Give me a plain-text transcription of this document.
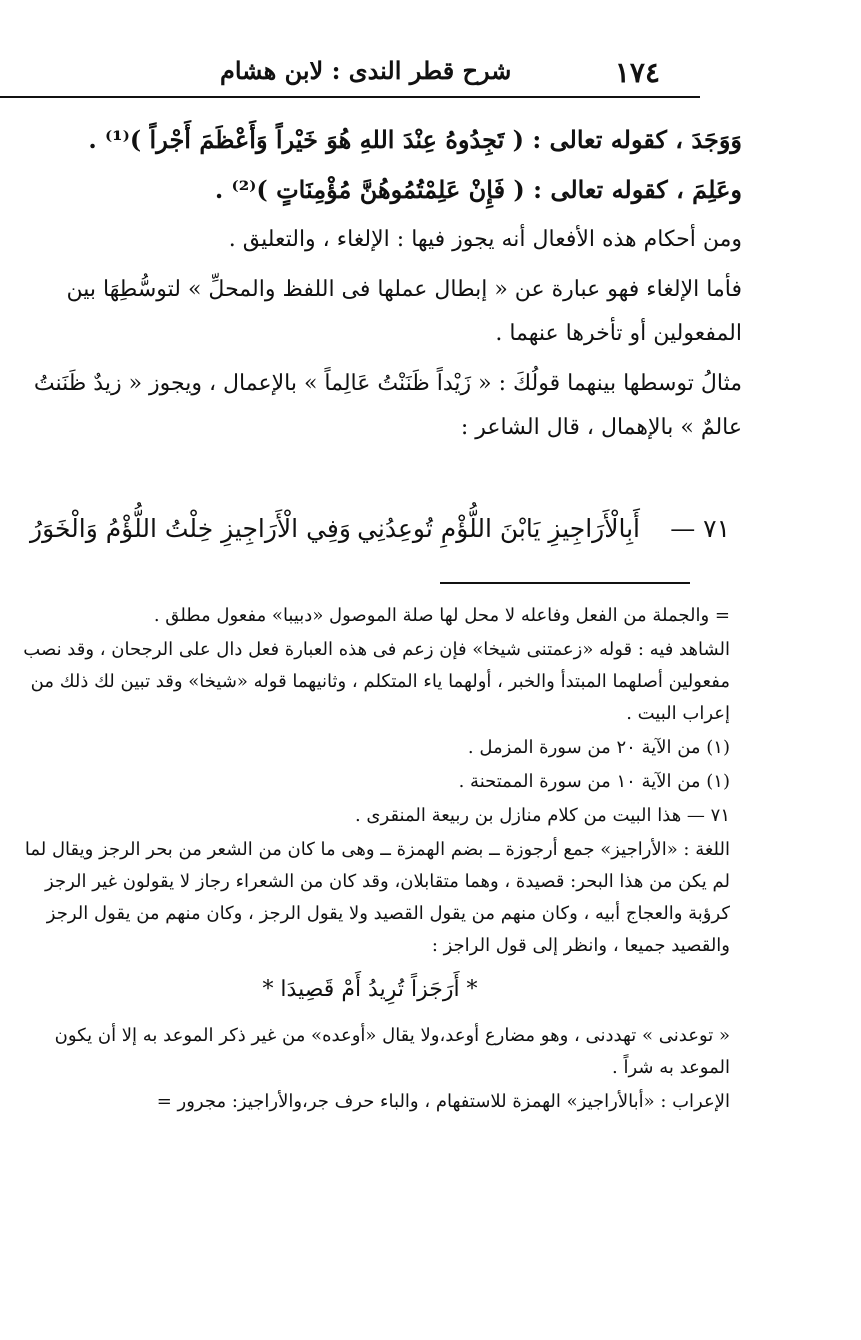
١٧٤
شرح قطر الندى : لابن هشام

وَوَجَدَ ، كقوله تعالى : ( تَجِدُوهُ عِنْدَ اللهِ هُوَ خَيْراً وَأَعْظَمَ أَجْراً )⁽¹⁾ .

وعَلِمَ ، كقوله تعالى : ( فَإِنْ عَلِمْتُمُوهُنَّ مُؤْمِنَاتٍ )⁽²⁾ .

ومن أحكام هذه الأفعال أنه يجوز فيها : الإلغاء ، والتعليق .

فأما الإلغاء فهو عبارة عن « إبطال عملها فى اللفظ والمحلِّ » لتوسُّطِهَا بين المفعولين أو تأخرها عنهما .

مثالُ توسطها بينهما قولُكَ : « زَيْداً ظَنَنْتُ عَالِماً » بالإعمال ، ويجوز « زيدٌ ظَنَنتُ عالمٌ » بالإهمال ، قال الشاعر :

٧١ —
أَبِالْأَرَاجِيزِ يَابْنَ اللُّؤْمِ تُوعِدُنِي
وَفِي الْأَرَاجِيزِ خِلْتُ اللُّؤْمُ وَالْخَوَرُ

= والجملة من الفعل وفاعله لا محل لها صلة الموصول «دبيبا» مفعول مطلق .

الشاهد فيه : قوله «زعمتنى شيخا» فإن زعم فى هذه العبارة فعل دال على الرجحان ، وقد نصب مفعولين أصلهما المبتدأ والخبر ، أولهما ياء المتكلم ، وثانيهما قوله «شيخا» وقد تبين لك ذلك من إعراب البيت .

(١) من الآية ٢٠ من سورة المزمل .

(١) من الآية ١٠ من سورة الممتحنة .

٧١ — هذا البيت من كلام منازل بن ربيعة المنقرى .

اللغة : «الأراجيز» جمع أرجوزة ــ بضم الهمزة ــ وهى ما كان من الشعر من بحر الرجز ويقال لما لم يكن من هذا البحر: قصيدة ، وهما متقابلان، وقد كان من الشعراء رجاز لا يقولون غير الرجز كرؤبة والعجاج أبيه ، وكان منهم من يقول القصيد ولا يقول الرجز ، وكان منهم من يقول الرجز والقصيد جميعا ، وانظر إلى قول الراجز :

* أَرَجَزاً تُرِيدُ أَمْ قَصِيدَا *

« توعدنى » تهددنى ، وهو مضارع أوعد،ولا يقال «أوعده» من غير ذكر الموعد به إلا أن يكون الموعد به شراً .

الإعراب : «أبالأراجيز» الهمزة للاستفهام ، والباء حرف جر،والأراجيز: مجرور =
